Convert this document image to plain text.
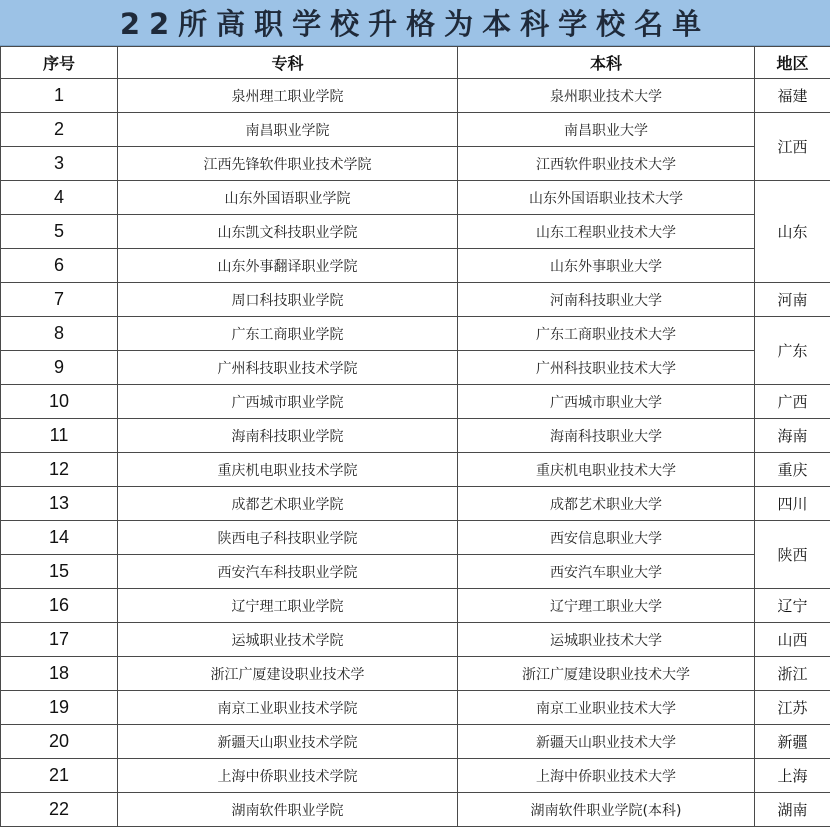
22所高职学校升格为本科学校名单
序号	专科	本科	地区
1	泉州理工职业学院	泉州职业技术大学	福建
2	南昌职业学院	南昌职业大学	江西
3	江西先锋软件职业技术学院	江西软件职业技术大学	
4	山东外国语职业学院	山东外国语职业技术大学	山东
5	山东凯文科技职业学院	山东工程职业技术大学	
6	山东外事翻译职业学院	山东外事职业大学	
7	周口科技职业学院	河南科技职业大学	河南
8	广东工商职业学院	广东工商职业技术大学	广东
9	广州科技职业技术学院	广州科技职业技术大学	
10	广西城市职业学院	广西城市职业大学	广西
11	海南科技职业学院	海南科技职业大学	海南
12	重庆机电职业技术学院	重庆机电职业技术大学	重庆
13	成都艺术职业学院	成都艺术职业大学	四川
14	陕西电子科技职业学院	西安信息职业大学	陕西
15	西安汽车科技职业学院	西安汽车职业大学	
16	辽宁理工职业学院	辽宁理工职业大学	辽宁
17	运城职业技术学院	运城职业技术大学	山西
18	浙江广厦建设职业技术学	浙江广厦建设职业技术大学	浙江
19	南京工业职业技术学院	南京工业职业技术大学	江苏
20	新疆天山职业技术学院	新疆天山职业技术大学	新疆
21	上海中侨职业技术学院	上海中侨职业技术大学	上海
22	湖南软件职业学院	湖南软件职业学院(本科)	湖南
